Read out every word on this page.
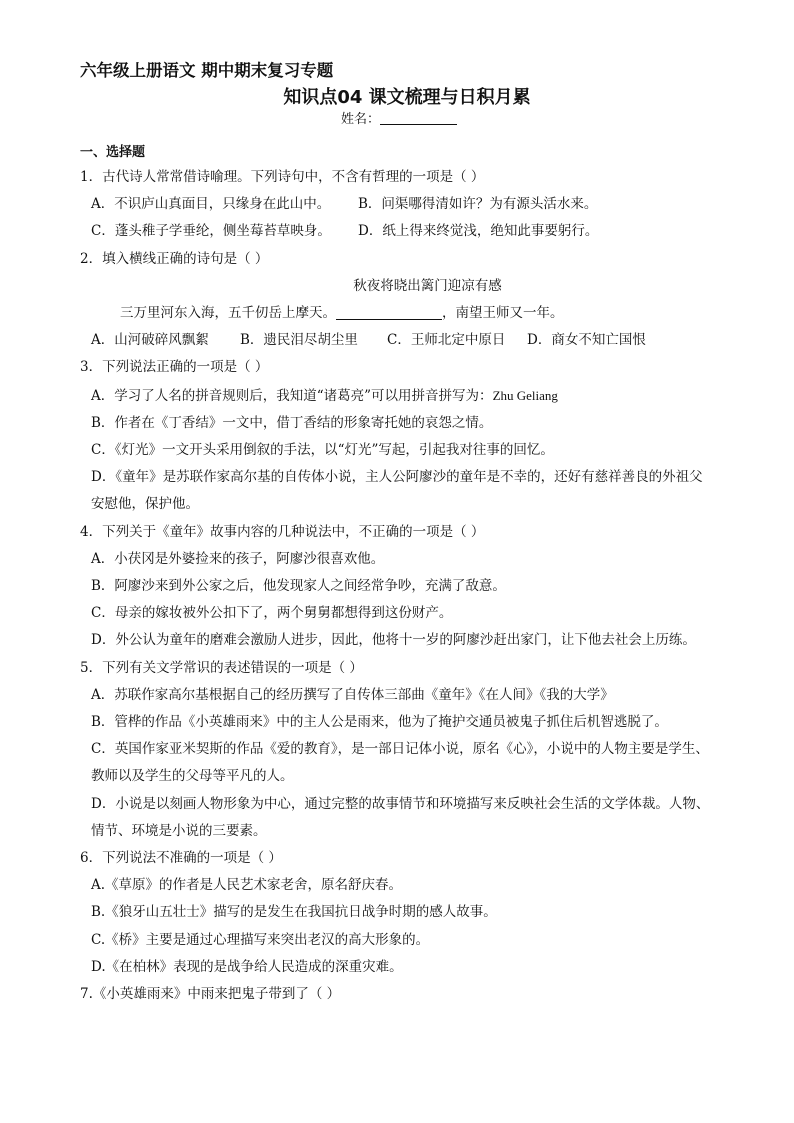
六年级上册语文 期中期末复习专题
知识点04 课文梳理与日积月累
姓名：
一、选择题
1．古代诗人常常借诗喻理。下列诗句中，不含有哲理的一项是（ ）
A．不识庐山真面目，只缘身在此山中。	B．问渠哪得清如许？为有源头活水来。
C．蓬头稚子学垂纶，侧坐莓苔草映身。	D．纸上得来终觉浅，绝知此事要躬行。
2．填入横线正确的诗句是（ ）
秋夜将晓出篱门迎凉有感
三万里河东入海，五千仞岳上摩天。	，南望王师又一年。
A．山河破碎风飘絮	B．遗民泪尽胡尘里	C．王师北定中原日	D．商女不知亡国恨
3．下列说法正确的一项是（ ）
A．学习了人名的拼音规则后，我知道“诸葛亮”可以用拼音拼写为：Zhu Geliang
B．作者在《丁香结》一文中，借丁香结的形象寄托她的哀怨之情。
C．《灯光》一文开头采用倒叙的手法，以“灯光”写起，引起我对往事的回忆。
D．《童年》是苏联作家高尔基的自传体小说，主人公阿廖沙的童年是不幸的，还好有慈祥善良的外祖父
安慰他，保护他。
4．下列关于《童年》故事内容的几种说法中，不正确的一项是（ ）
A．小茯冈是外婆捡来的孩子，阿廖沙很喜欢他。
B．阿廖沙来到外公家之后，他发现家人之间经常争吵，充满了敌意。
C．母亲的嫁妆被外公扣下了，两个舅舅都想得到这份财产。
D．外公认为童年的磨难会激励人进步，因此，他将十一岁的阿廖沙赶出家门，让下他去社会上历练。
5．下列有关文学常识的表述错误的一项是（ ）
A．苏联作家高尔基根据自己的经历撰写了自传体三部曲《童年》《在人间》《我的大学》
B．管桦的作品《小英雄雨来》中的主人公是雨来，他为了掩护交通员被鬼子抓住后机智逃脱了。
C．英国作家亚米契斯的作品《爱的教育》，是一部日记体小说，原名《心》，小说中的人物主要是学生、
教师以及学生的父母等平凡的人。
D．小说是以刻画人物形象为中心，通过完整的故事情节和环境描写来反映社会生活的文学体裁。人物、
情节、环境是小说的三要素。
6．下列说法不准确的一项是（ ）
A.《草原》的作者是人民艺术家老舍，原名舒庆春。
B.《狼牙山五壮士》描写的是发生在我国抗日战争时期的感人故事。
C.《桥》主要是通过心理描写来突出老汉的高大形象的。
D.《在柏林》表现的是战争给人民造成的深重灾难。
7.《小英雄雨来》中雨来把鬼子带到了（ ）
